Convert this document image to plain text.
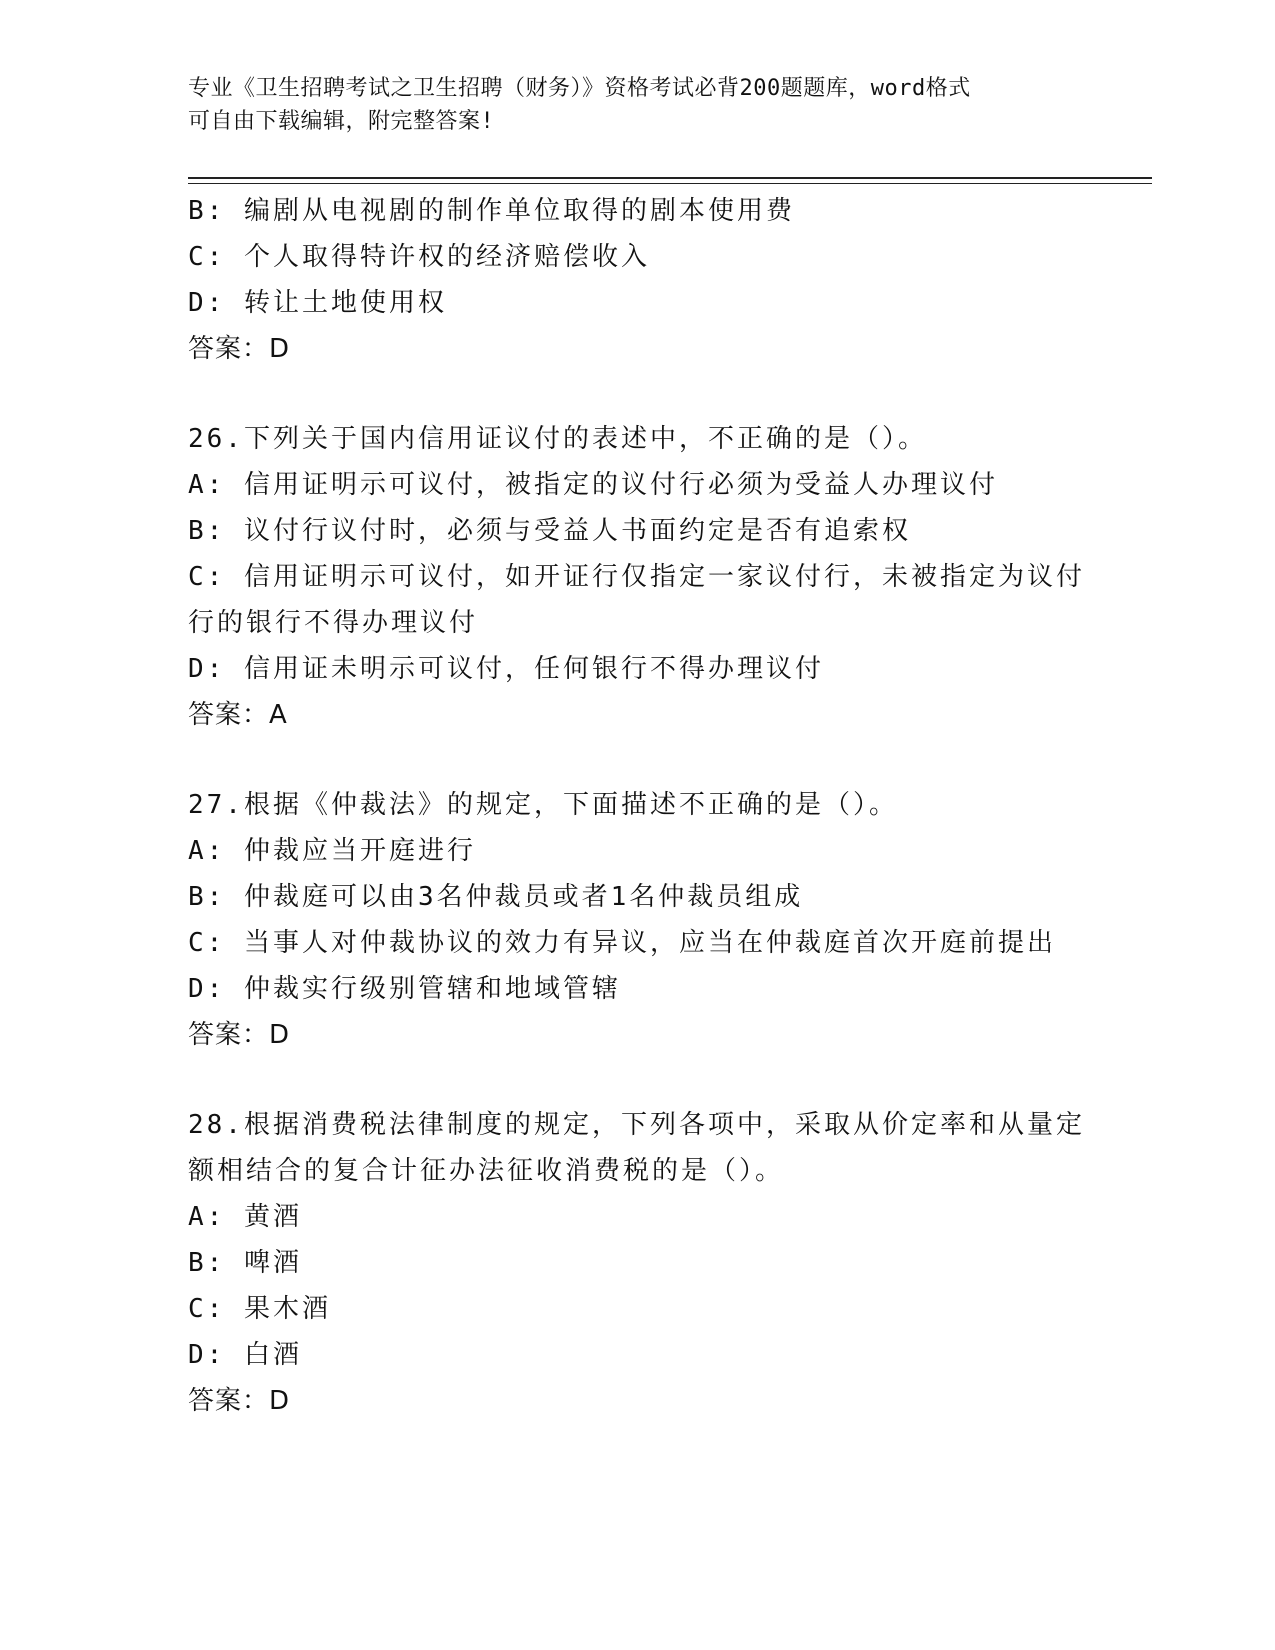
专业《卫生招聘考试之卫生招聘（财务）》资格考试必背200题题库，word格式
可自由下载编辑，附完整答案!
B: 编剧从电视剧的制作单位取得的剧本使用费
C: 个人取得特许权的经济赔偿收入
D: 转让土地使用权
答案：D
26.下列关于国内信用证议付的表述中，不正确的是（）。
A: 信用证明示可议付，被指定的议付行必须为受益人办理议付
B: 议付行议付时，必须与受益人书面约定是否有追索权
C: 信用证明示可议付，如开证行仅指定一家议付行，未被指定为议付
行的银行不得办理议付
D: 信用证未明示可议付，任何银行不得办理议付
答案：A
27.根据《仲裁法》的规定，下面描述不正确的是（）。
A: 仲裁应当开庭进行
B: 仲裁庭可以由3名仲裁员或者1名仲裁员组成
C: 当事人对仲裁协议的效力有异议，应当在仲裁庭首次开庭前提出
D: 仲裁实行级别管辖和地域管辖
答案：D
28.根据消费税法律制度的规定，下列各项中，采取从价定率和从量定
额相结合的复合计征办法征收消费税的是（）。
A: 黄酒
B: 啤酒
C: 果木酒
D: 白酒
答案：D
